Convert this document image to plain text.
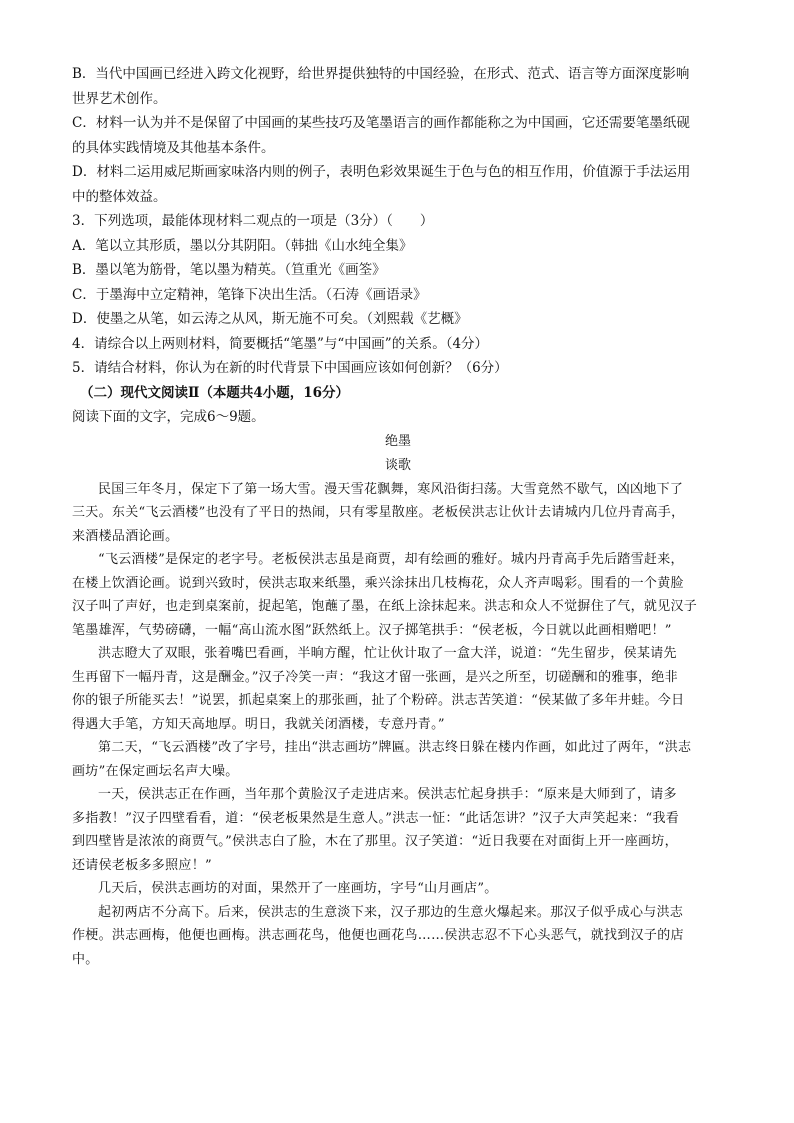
B．当代中国画已经进入跨文化视野，给世界提供独特的中国经验，在形式、范式、语言等方面深度影响
世界艺术创作。
C．材料一认为并不是保留了中国画的某些技巧及笔墨语言的画作都能称之为中国画，它还需要笔墨纸砚
的具体实践情境及其他基本条件。
D．材料二运用威尼斯画家味洛内则的例子，表明色彩效果诞生于色与色的相互作用，价值源于手法运用
中的整体效益。
3．下列选项，最能体现材料二观点的一项是（3分）（　　）
A．笔以立其形质，墨以分其阴阳。（韩拙《山水纯全集》
B．墨以笔为筋骨，笔以墨为精英。（笪重光《画筌》
C．于墨海中立定精神，笔锋下决出生活。（石涛《画语录》
D．使墨之从笔，如云涛之从风，斯无施不可矣。（刘熙载《艺概》
4．请综合以上两则材料，简要概括“笔墨”与“中国画”的关系。（4分）
5．请结合材料，你认为在新的时代背景下中国画应该如何创新？（6分）
（二）现代文阅读Ⅱ（本题共4小题，16分）
阅读下面的文字，完成6～9题。
绝墨
谈歌
民国三年冬月，保定下了第一场大雪。漫天雪花飘舞，寒风沿街扫荡。大雪竟然不歇气，凶凶地下了
三天。东关“飞云酒楼”也没有了平日的热闹，只有零星散座。老板侯洪志让伙计去请城内几位丹青高手，
来酒楼品酒论画。
“飞云酒楼”是保定的老字号。老板侯洪志虽是商贾，却有绘画的雅好。城内丹青高手先后踏雪赶来，
在楼上饮酒论画。说到兴致时，侯洪志取来纸墨，乘兴涂抹出几枝梅花，众人齐声喝彩。围看的一个黄脸
汉子叫了声好，也走到桌案前，捉起笔，饱蘸了墨，在纸上涂抹起来。洪志和众人不觉摒住了气，就见汉子
笔墨雄浑，气势磅礴，一幅“高山流水图”跃然纸上。汉子掷笔拱手：“侯老板，今日就以此画相赠吧！”
洪志瞪大了双眼，张着嘴巴看画，半晌方醒，忙让伙计取了一盒大洋，说道：“先生留步，侯某请先
生再留下一幅丹青，这是酬金。”汉子冷笑一声：“我这才留一张画，是兴之所至，切磋酬和的雅事，绝非
你的银子所能买去！”说罢，抓起桌案上的那张画，扯了个粉碎。洪志苦笑道：“侯某做了多年井蛙。今日
得遇大手笔，方知天高地厚。明日，我就关闭酒楼，专意丹青。”
第二天，“飞云酒楼”改了字号，挂出“洪志画坊”牌匾。洪志终日躲在楼内作画，如此过了两年，“洪志
画坊”在保定画坛名声大噪。
一天，侯洪志正在作画，当年那个黄脸汉子走进店来。侯洪志忙起身拱手：“原来是大师到了，请多
多指教！”汉子四壁看看，道：“侯老板果然是生意人。”洪志一怔：“此话怎讲？”汉子大声笑起来：“我看
到四壁皆是浓浓的商贾气。”侯洪志白了脸，木在了那里。汉子笑道：“近日我要在对面街上开一座画坊，
还请侯老板多多照应！”
几天后，侯洪志画坊的对面，果然开了一座画坊，字号“山月画店”。
起初两店不分高下。后来，侯洪志的生意淡下来，汉子那边的生意火爆起来。那汉子似乎成心与洪志
作梗。洪志画梅，他便也画梅。洪志画花鸟，他便也画花鸟……侯洪志忍不下心头恶气，就找到汉子的店
中。
